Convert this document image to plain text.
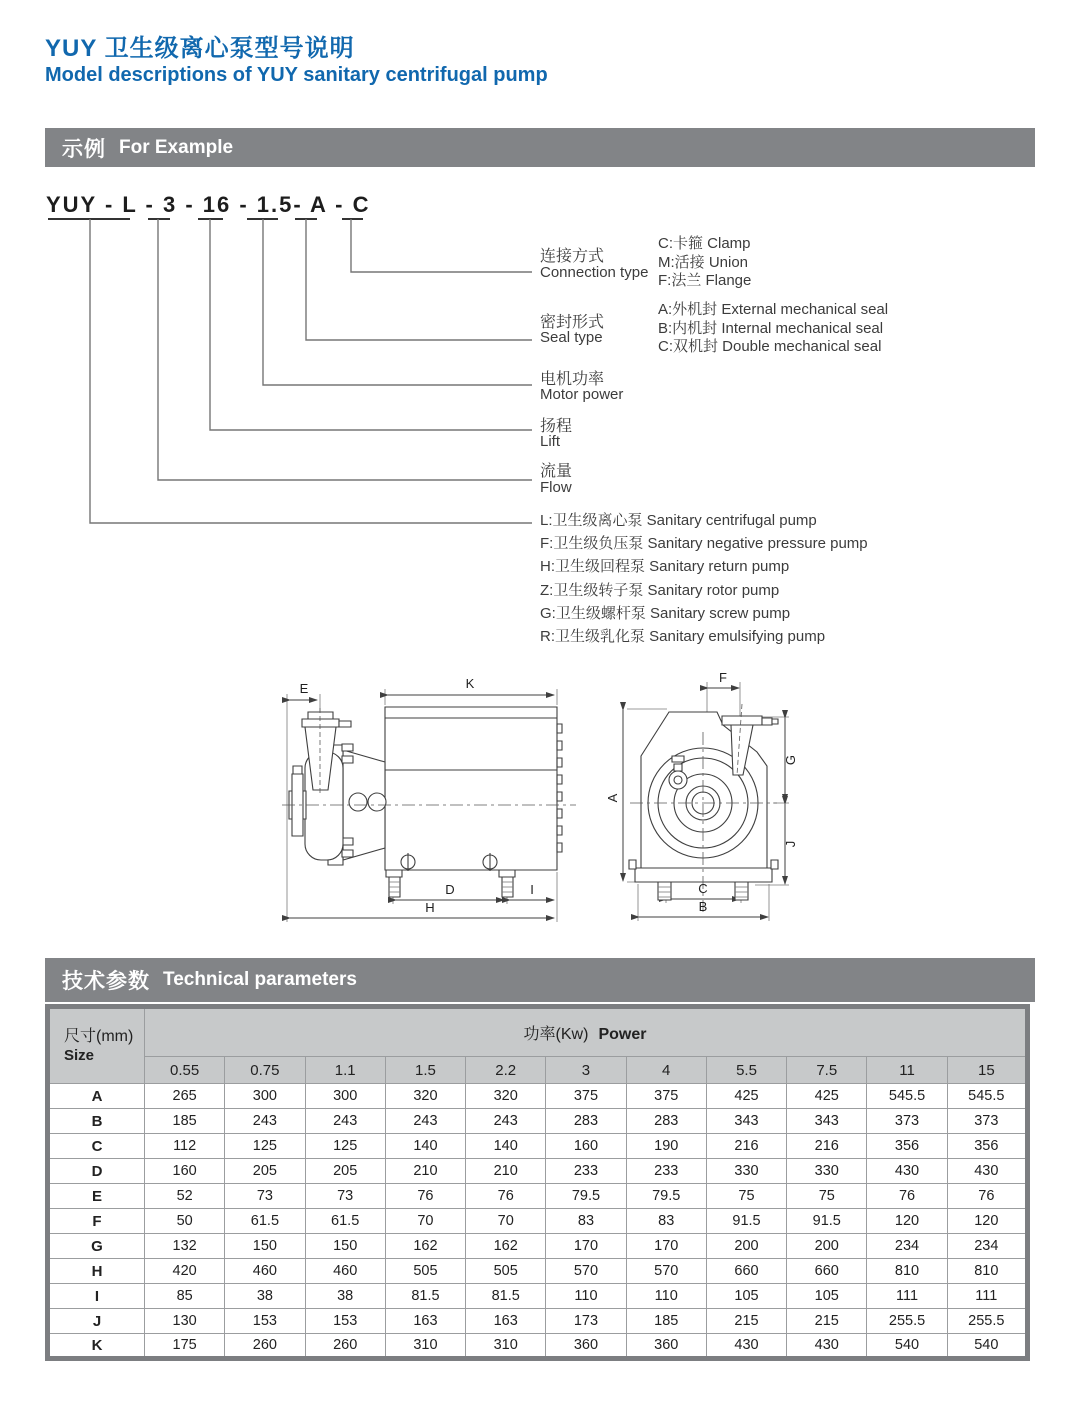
YUY 卫生级离心泵型号说明
Model descriptions of YUY sanitary centrifugal pump
示例 For Example
YUY - L - 3 - 16 - 1.5- A - C
连接方式
Connection type
C:卡箍 Clamp
M:活接 Union
F:法兰 Flange
密封形式
Seal type
A:外机封 External mechanical seal
B:内机封 Internal mechanical seal
C:双机封 Double mechanical seal
电机功率
Motor power
扬程
Lift
流量
Flow
L:卫生级离心泵 Sanitary centrifugal pump
F:卫生级负压泵 Sanitary negative pressure pump
H:卫生级回程泵 Sanitary return pump
Z:卫生级转子泵 Sanitary rotor pump
G:卫生级螺杆泵 Sanitary screw pump
R:卫生级乳化泵 Sanitary emulsifying pump
E	K
D	I
H
F
A
G
J
C
B
技术参数 Technical parameters
尺寸(mm)
Size	功率(Kw) Power										
	0.55	0.75	1.1	1.5	2.2	3	4	5.5	7.5	11	15
A	265	300	300	320	320	375	375	425	425	545.5	545.5
B	185	243	243	243	243	283	283	343	343	373	373
C	112	125	125	140	140	160	190	216	216	356	356
D	160	205	205	210	210	233	233	330	330	430	430
E	52	73	73	76	76	79.5	79.5	75	75	76	76
F	50	61.5	61.5	70	70	83	83	91.5	91.5	120	120
G	132	150	150	162	162	170	170	200	200	234	234
H	420	460	460	505	505	570	570	660	660	810	810
I	85	38	38	81.5	81.5	110	110	105	105	111	111
J	130	153	153	163	163	173	185	215	215	255.5	255.5
K	175	260	260	310	310	360	360	430	430	540	540
